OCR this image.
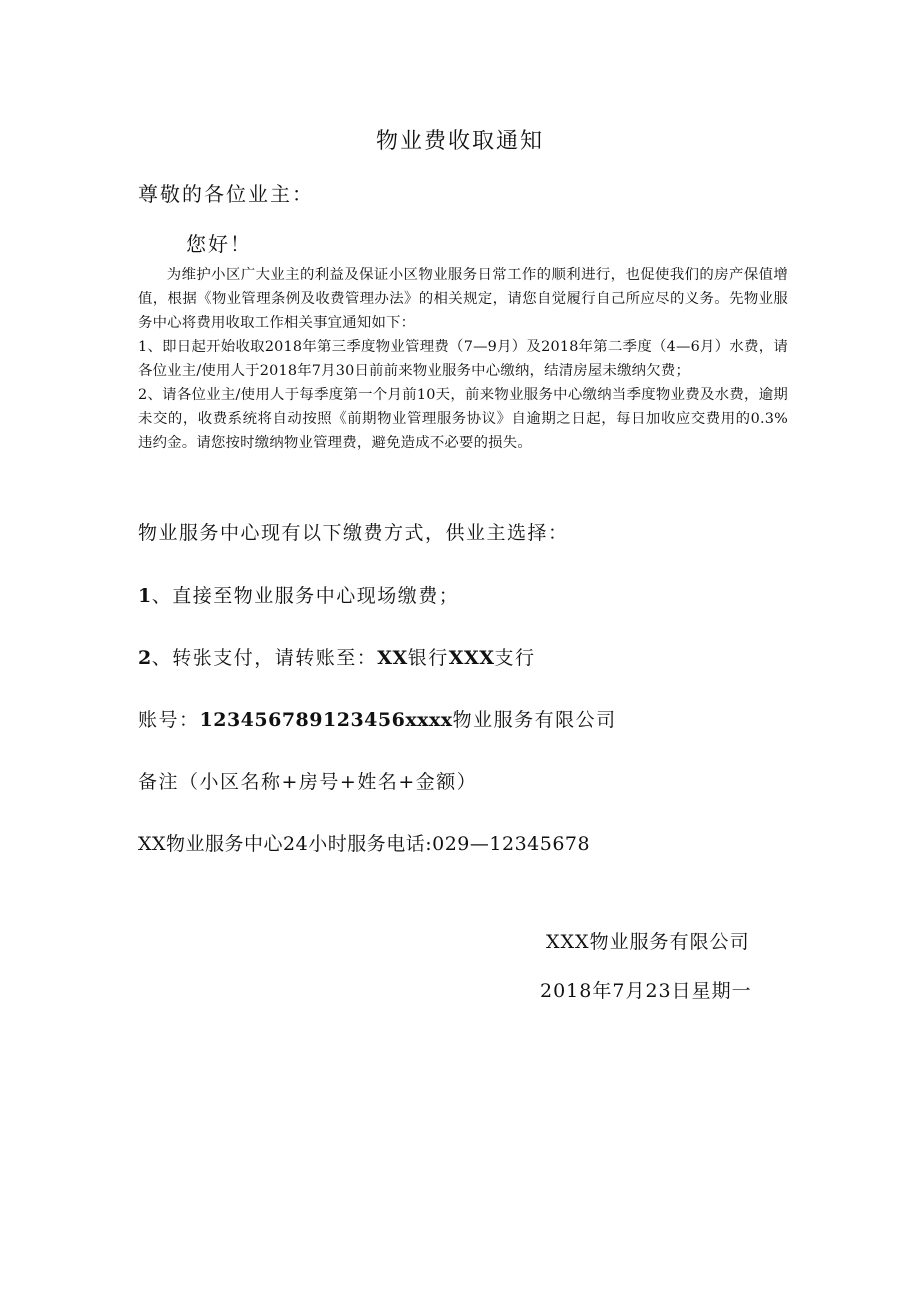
物业费收取通知
尊敬的各位业主：
您好！

为维护小区广大业主的利益及保证小区物业服务日常工作的顺利进行，也促使我们的房产保值增值，根据《物业管理条例及收费管理办法》的相关规定，请您自觉履行自己所应尽的义务。先物业服务中心将费用收取工作相关事宜通知如下：

1、即日起开始收取2018年第三季度物业管理费（7—9月）及2018年第二季度（4—6月）水费，请各位业主/使用人于2018年7月30日前前来物业服务中心缴纳，结清房屋未缴纳欠费；

2、请各位业主/使用人于每季度第一个月前10天，前来物业服务中心缴纳当季度物业费及水费，逾期未交的，收费系统将自动按照《前期物业管理服务协议》自逾期之日起，每日加收应交费用的0.3%违约金。请您按时缴纳物业管理费，避免造成不必要的损失。

物业服务中心现有以下缴费方式，供业主选择：
1、直接至物业服务中心现场缴费；
2、转张支付，请转账至：XX银行XXX支行
账号：123456789123456xxxx物业服务有限公司
备注（小区名称+房号+姓名+金额）
XX物业服务中心24小时服务电话:029—12345678
XXX物业服务有限公司
2018年7月23日星期一
